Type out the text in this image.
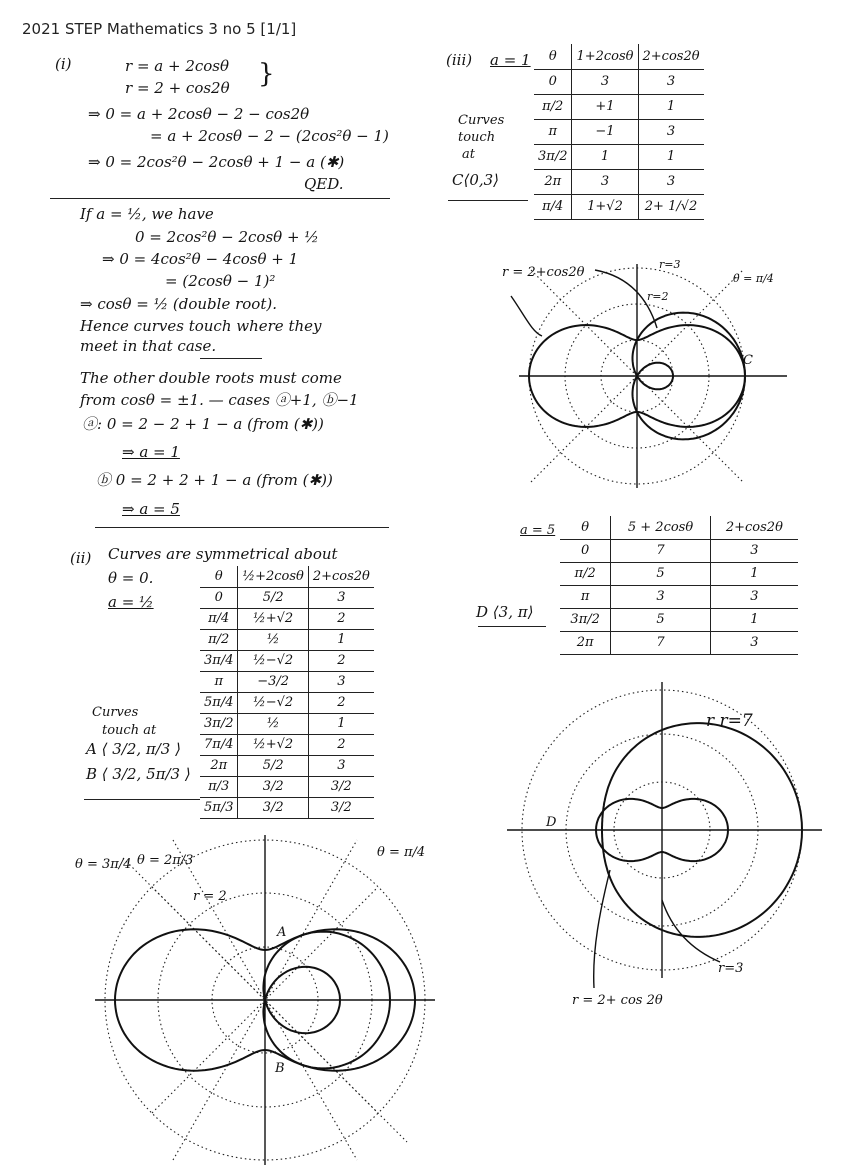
2021 STEP Mathematics 3 no 5 [1/1]
(i)	r = a + 2cosθ
r = 2 + cos2θ }
⇒ 0 = a + 2cosθ − 2 − cos2θ
= a + 2cosθ − 2 − (2cos²θ − 1)
⇒ 0 = 2cos²θ − 2cosθ + 1 − a (✱)
QED.
If a = ½, we have
0 = 2cos²θ − 2cosθ + ½
⇒ 0 = 4cos²θ − 4cosθ + 1
= (2cosθ − 1)²
⇒ cosθ = ½ (double root).
Hence curves touch where they
meet in that case.
The other double roots must come
from cosθ = ±1. — cases ⓐ+1, ⓑ−1
ⓐ: 0 = 2 − 2 + 1 − a (from (✱))
⇒ a = 1
ⓑ 0 = 2 + 2 + 1 − a (from (✱))
⇒ a = 5
(ii) Curves are symmetrical about
θ = 0.
a = ½
θ	½+2cosθ	2+cos2θ
0	5/2	3
π/4	½+√2	2
π/2	½	1
3π/4	½−√2	2
π	−3/2	3
5π/4	½−√2	2
3π/2	½	1
7π/4	½+√2	2
2π	5/2	3
π/3	3/2	3/2
5π/3	3/2	3/2
Curves
touch at
A ⟨ 3/2, π/3 ⟩
B ⟨ 3/2, 5π/3 ⟩
θ = 3π/4 θ = 2π/3
θ = π/4
r = 2
A
B
(iii) a = 1 θ	1+2cosθ	2+cos2θ
0	3	3
π/2	+1	1
π	−1	3
3π/2	1	1
2π	3	3
π/4	1+√2	2+ 1/√2
Curves
touch
at
C⟨0,3⟩
r = 2+cos2θ
r=3
r=2
θ = π/4
C
a = 5 θ	5 + 2cosθ	2+cos2θ
0	7	3
π/2	5	1
π	3	3
3π/2	5	1
2π	7	3
D ⟨3, π⟩
r r=7
D
r=3
r = 2+ cos 2θ
